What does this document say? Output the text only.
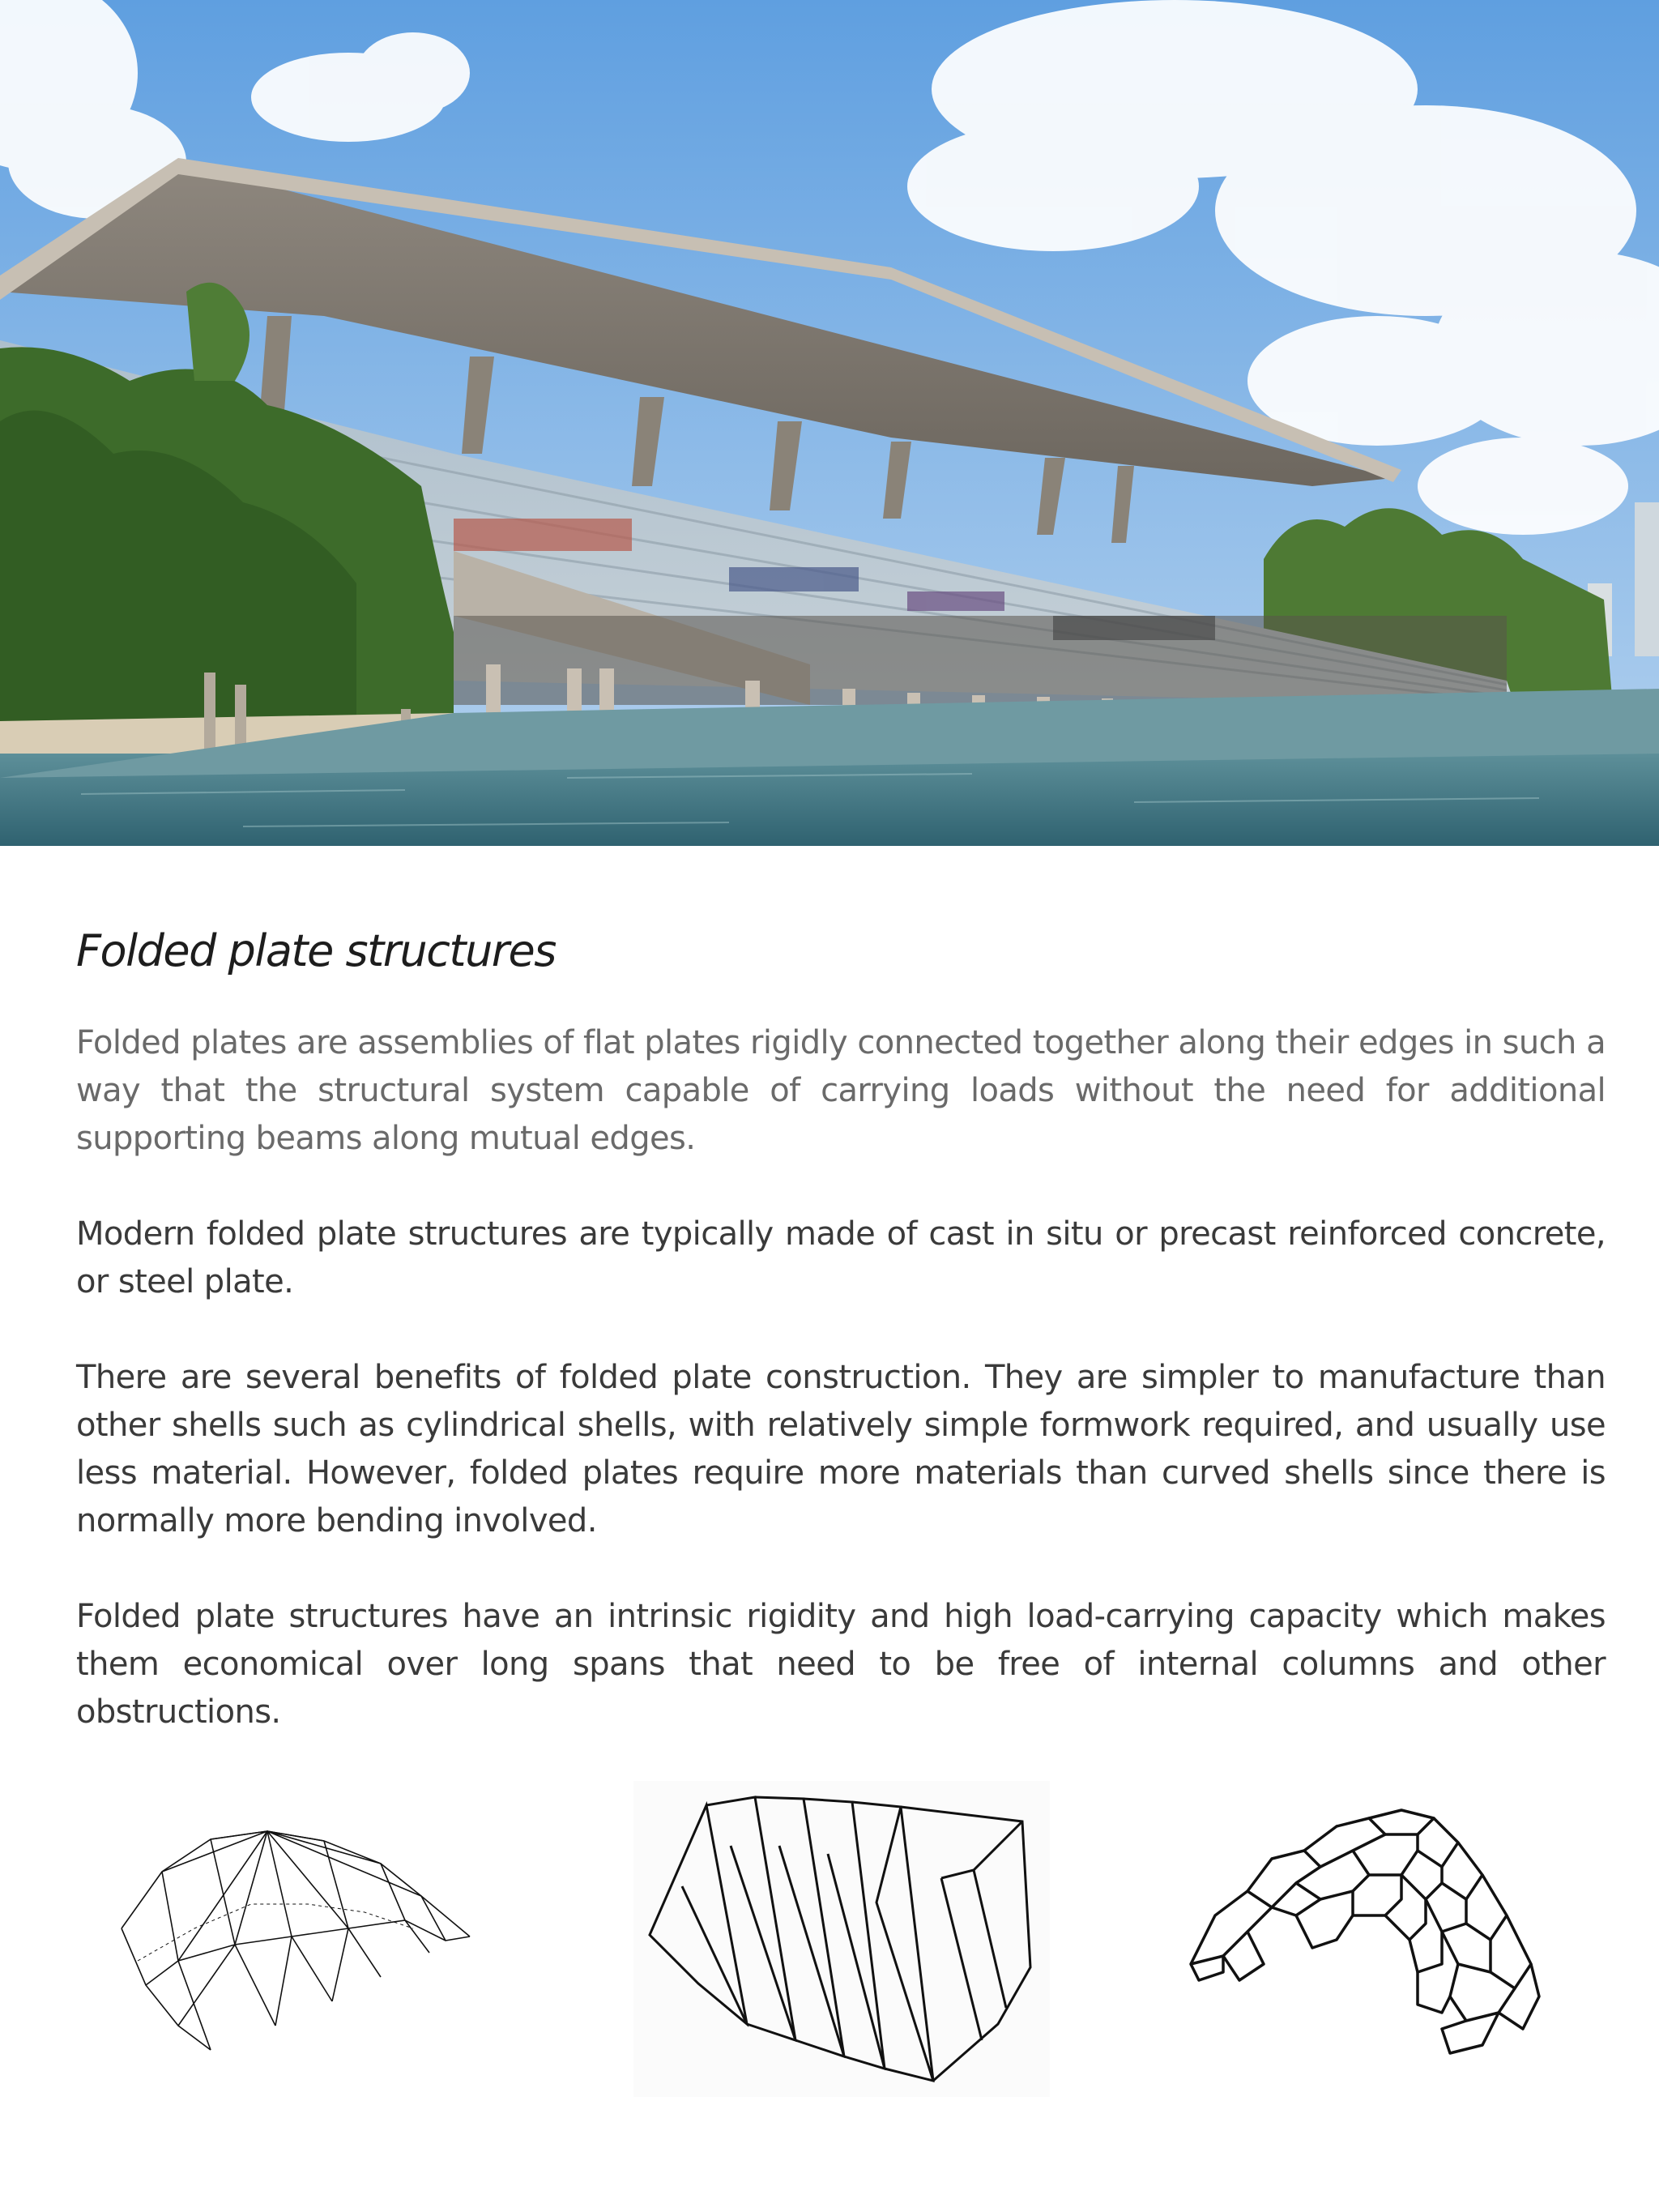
Folded plate structures

Folded plates are assemblies of flat plates rigidly connected together along their edges in such a way that the structural system capable of carrying loads without the need for additional supporting beams along mutual edges.

Modern folded plate structures are typically made of cast in situ or precast reinforced concrete, or steel plate.

There are several benefits of folded plate construction. They are simpler to manufacture than other shells such as cylindrical shells, with relatively simple formwork required, and usually use less material. However, folded plates require more materials than curved shells since there is normally more bending involved.

Folded plate structures have an intrinsic rigidity and high load-carrying capacity which makes them economical over long spans that need to be free of internal columns and other obstructions.
